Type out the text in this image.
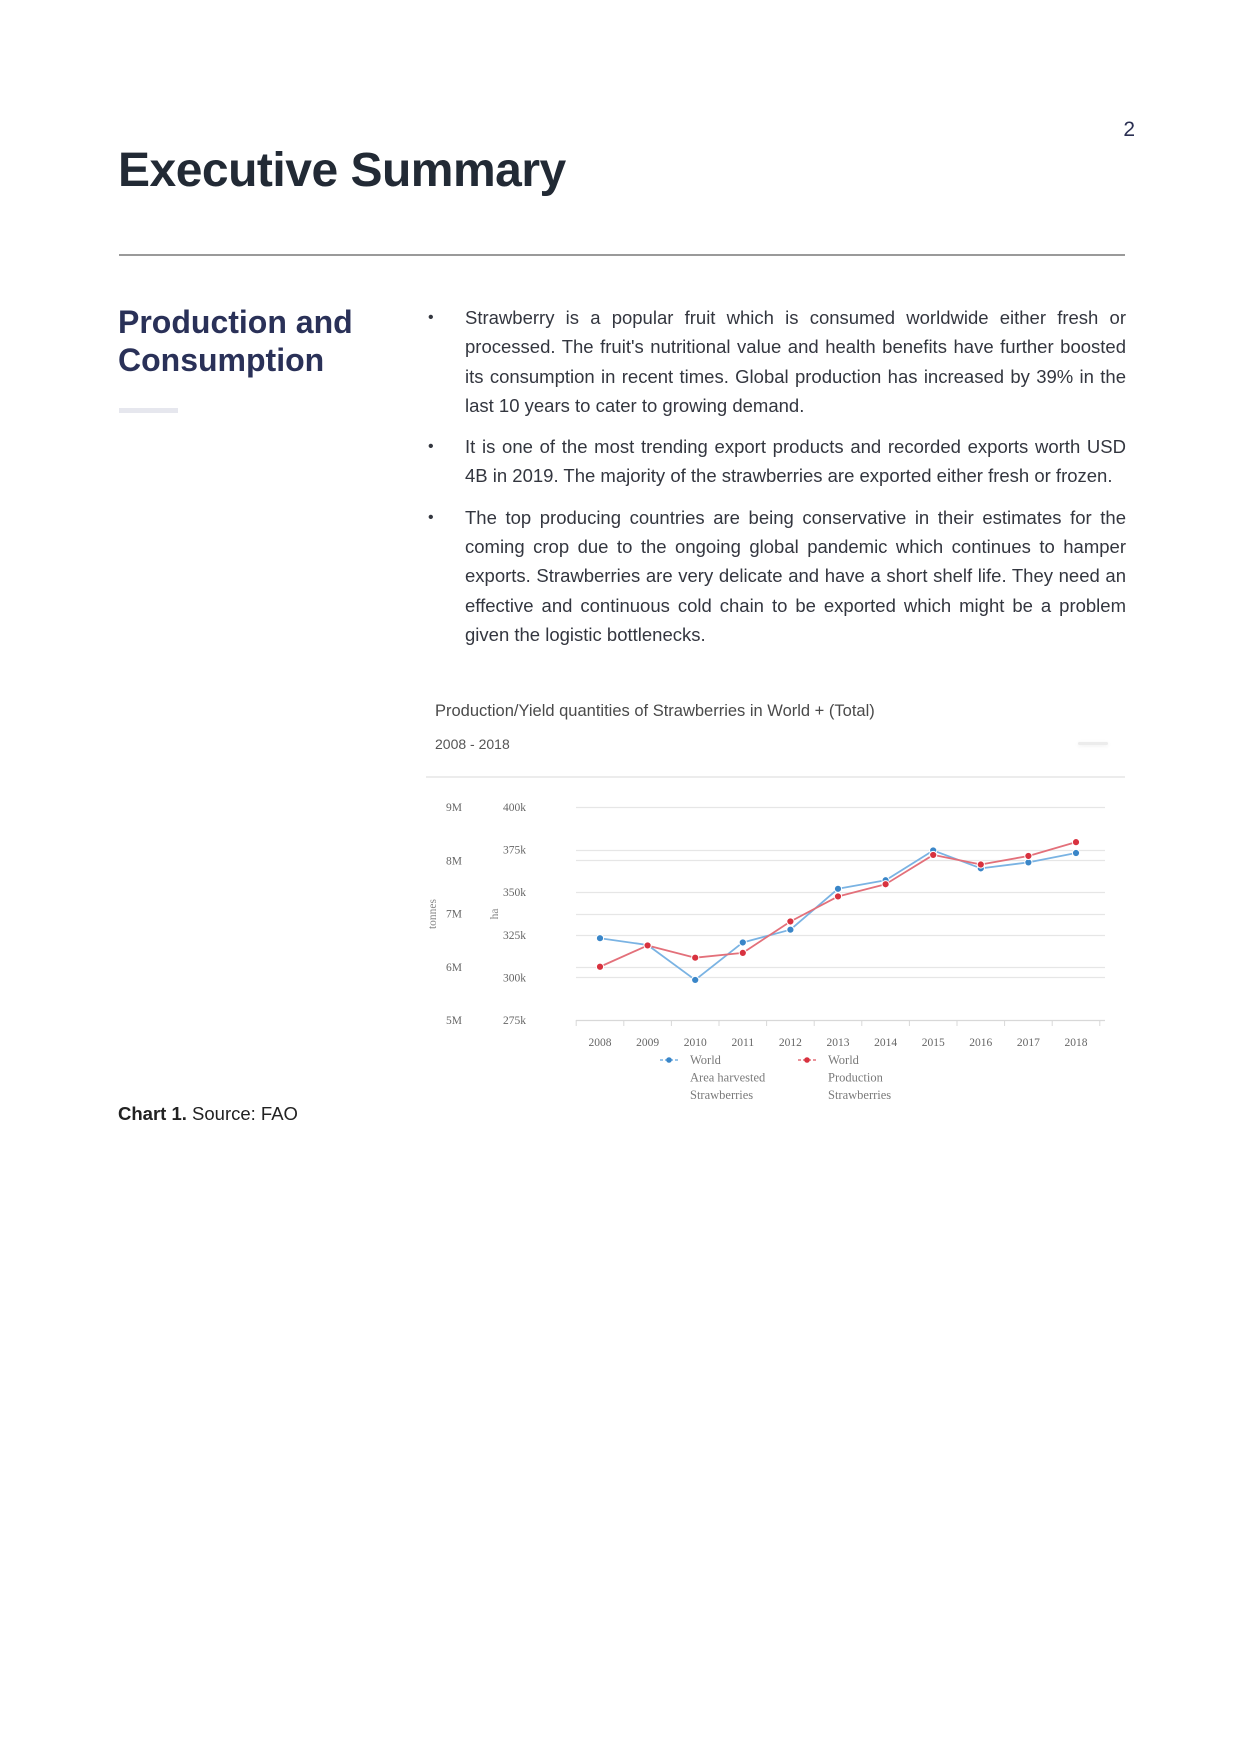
2
Executive Summary
Production and Consumption
• Strawberry is a popular fruit which is consumed worldwide either fresh or processed. The fruit's nutritional value and health benefits have further boosted its consumption in recent times. Global production has increased by 39% in the last 10 years to cater to growing demand.
• It is one of the most trending export products and recorded exports worth USD 4B in 2019. The majority of the strawberries are exported either fresh or frozen.
• The top producing countries are being conservative in their estimates for the coming crop due to the ongoing global pandemic which continues to hamper exports. Strawberries are very delicate and have a short shelf life. They need an effective and continuous cold chain to be exported which might be a problem given the logistic bottlenecks.
Production/Yield quantities of Strawberries in World + (Total)
2008 - 2018
2008 2009 2010 2011 2012 2013 2014 2015 2016 2017 2018
5M
6M
7M
8M
9M
275k
300k
325k
350k
375k
400k
tonnes	ha
World
Area harvested
Strawberries
World
Production
Strawberries
Chart 1. Source: FAO
